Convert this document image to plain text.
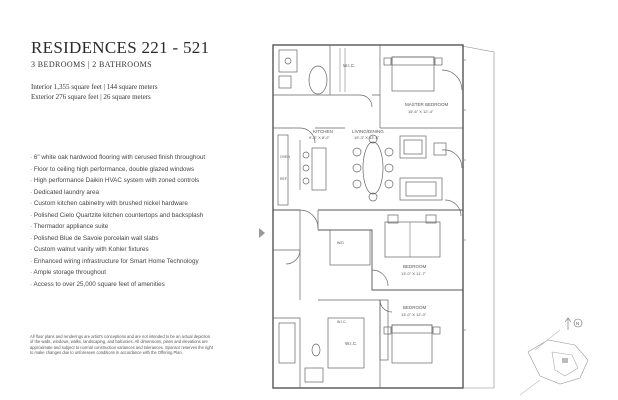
RESIDENCES 221 - 521
3 BEDROOMS | 2 BATHROOMS
Interior 1,355 square feet | 144 square meters
Exterior 276 square feet | 26 square meters
· 6" white oak hardwood flooring with cerused finish throughout
· Floor to ceiling high performance, double glazed windows
· High performance Daikin HVAC system with zoned controls
· Dedicated laundry area
· Custom kitchen cabinetry with brushed nickel hardware
· Polished Cielo Quartzite kitchen countertops and backsplash
· Thermador appliance suite
· Polished Blue de Savoie porcelain wall slabs
· Custom walnut vanity with Kohler fixtures
· Enhanced wiring infrastructure for Smart Home Technology
· Ample storage throughout
· Access to over 25,000 square feet of amenities
All floor plans and renderings are artist's conceptions and are not intended to be an actual depiction
of the walls, windows, walks, landscaping, and balconies. All dimensions, plans and elevations are
approximate and subject to normal construction variances and tolerances. Sponsor reserves the right
to make changes due to unforeseen conditions in accordance with the Offering Plan.
W.I.C.
MASTER BEDROOM
15'-6" X 12'-4"
LIVING/DINING
19'-3" X 13'-8"
KITCHEN
9'-8" X 8'-0"
OVEN
REF
W/D
W.I.C.
BEDROOM
13'-0" X 11'-7"
BEDROOM
13'-0" X 12'-0"
W.I.C.
N
